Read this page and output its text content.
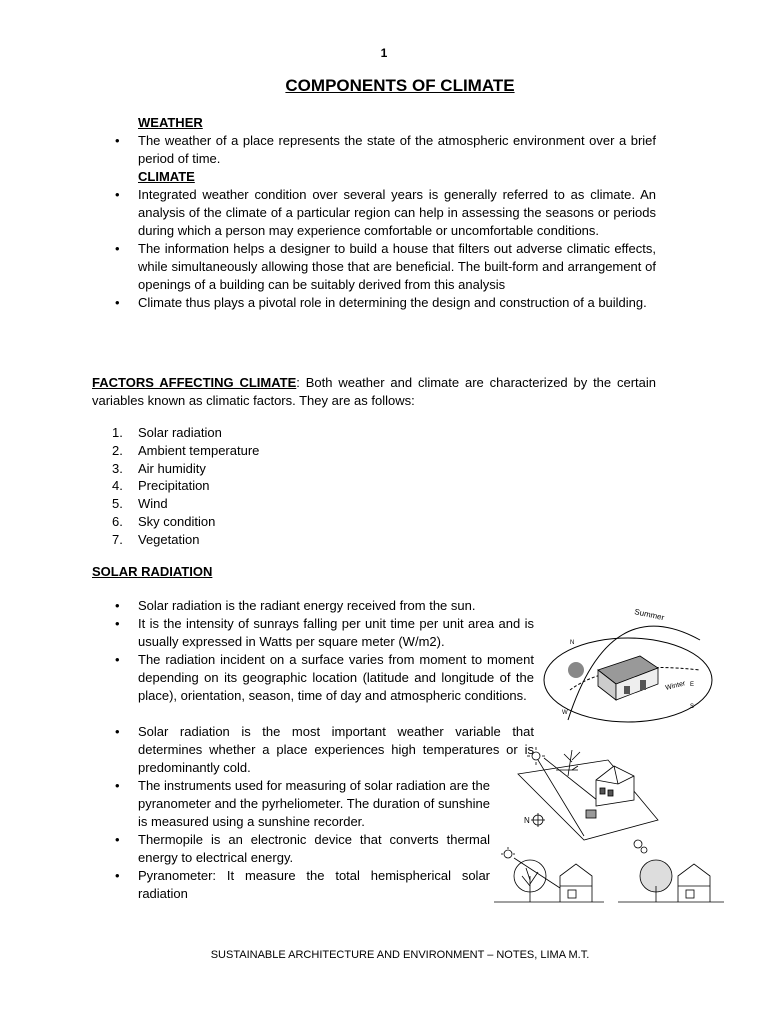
1
COMPONENTS OF CLIMATE
WEATHER
• The weather of a place represents the state of the atmospheric environment over a brief period of time.
CLIMATE
• Integrated weather condition over several years is generally referred to as climate. An analysis of the climate of a particular region can help in assessing the seasons or periods during which a person may experience comfortable or uncomfortable conditions.
• The information helps a designer to build a house that filters out adverse climatic effects, while simultaneously allowing those that are beneficial. The built-form and arrangement of openings of a building can be suitably derived from this analysis
• Climate thus plays a pivotal role in determining the design and construction of a building.
FACTORS AFFECTING CLIMATE: Both weather and climate are characterized by the certain variables known as climatic factors. They are as follows:
1. Solar radiation
2. Ambient temperature
3. Air humidity
4. Precipitation
5. Wind
6. Sky condition
7. Vegetation
SOLAR RADIATION
• Solar radiation is the radiant energy received from the sun.
• It is the intensity of sunrays falling per unit time per unit area and is usually expressed in Watts per square meter (W/m2).
• The radiation incident on a surface varies from moment to moment depending on its geographic location (latitude and longitude of the place), orientation, season, time of day and atmospheric conditions.
• Solar radiation is the most important weather variable that determines whether a place experiences high temperatures or is predominantly cold.
• The instruments used for measuring of solar radiation are the pyranometer and the pyrheliometer. The duration of sunshine is measured using a sunshine recorder.
• Thermopile is an electronic device that converts thermal energy to electrical energy.
• Pyranometer: It measure the total hemispherical solar radiation
Summer
Winter
N
E
S
W
N
SUSTAINABLE ARCHITECTURE AND ENVIRONMENT – NOTES, LIMA M.T.
